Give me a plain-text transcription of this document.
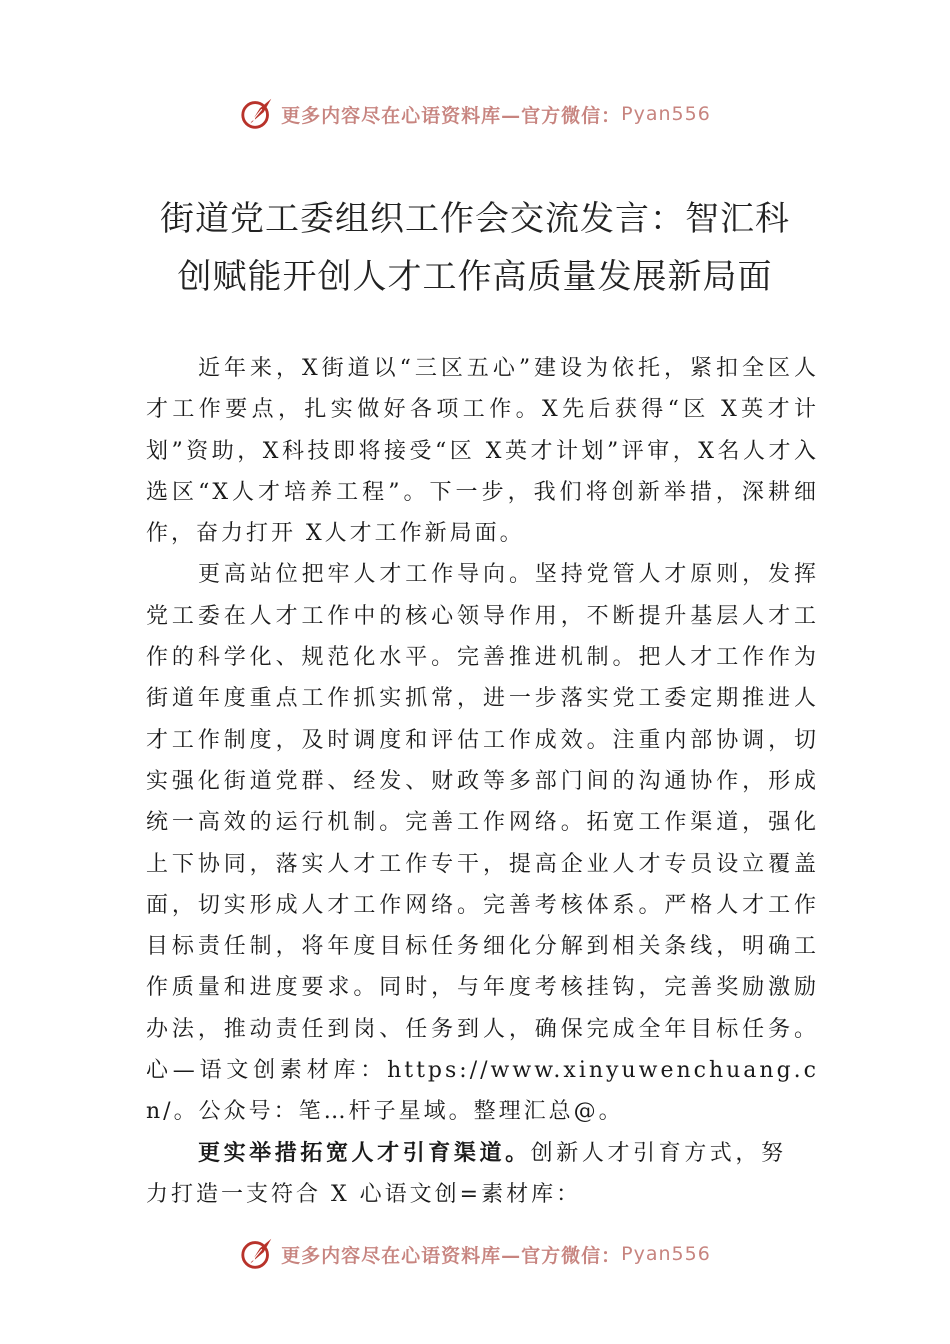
更多内容尽在心语资料库—官方微信： Pyan556
街道党工委组织工作会交流发言：智汇科
创赋能开创人才工作高质量发展新局面

近年来，X街道以“三区五心”建设为依托，紧扣全区人才工作要点，扎实做好各项工作。X先后获得“区 X英才计划”资助，X科技即将接受“区 X英才计划”评审，X名人才入选区“X人才培养工程”。下一步，我们将创新举措，深耕细作，奋力打开 X人才工作新局面。

更高站位把牢人才工作导向。坚持党管人才原则，发挥党工委在人才工作中的核心领导作用，不断提升基层人才工作的科学化、规范化水平。完善推进机制。把人才工作作为街道年度重点工作抓实抓常，进一步落实党工委定期推进人才工作制度，及时调度和评估工作成效。注重内部协调，切实强化街道党群、经发、财政等多部门间的沟通协作，形成统一高效的运行机制。完善工作网络。拓宽工作渠道，强化上下协同，落实人才工作专干，提高企业人才专员设立覆盖面，切实形成人才工作网络。完善考核体系。严格人才工作目标责任制，将年度目标任务细化分解到相关条线，明确工作质量和进度要求。同时，与年度考核挂钩，完善奖励激励办法，推动责任到岗、任务到人，确保完成全年目标任务。心—语文创素材库：https://www.xinyuwenchuang.cn/。公众号：笔…杆子星域。整理汇总@。

更实举措拓宽人才引育渠道。创新人才引育方式，努力打造一支符合 X 心语文创=素材库：

更多内容尽在心语资料库—官方微信： Pyan556
